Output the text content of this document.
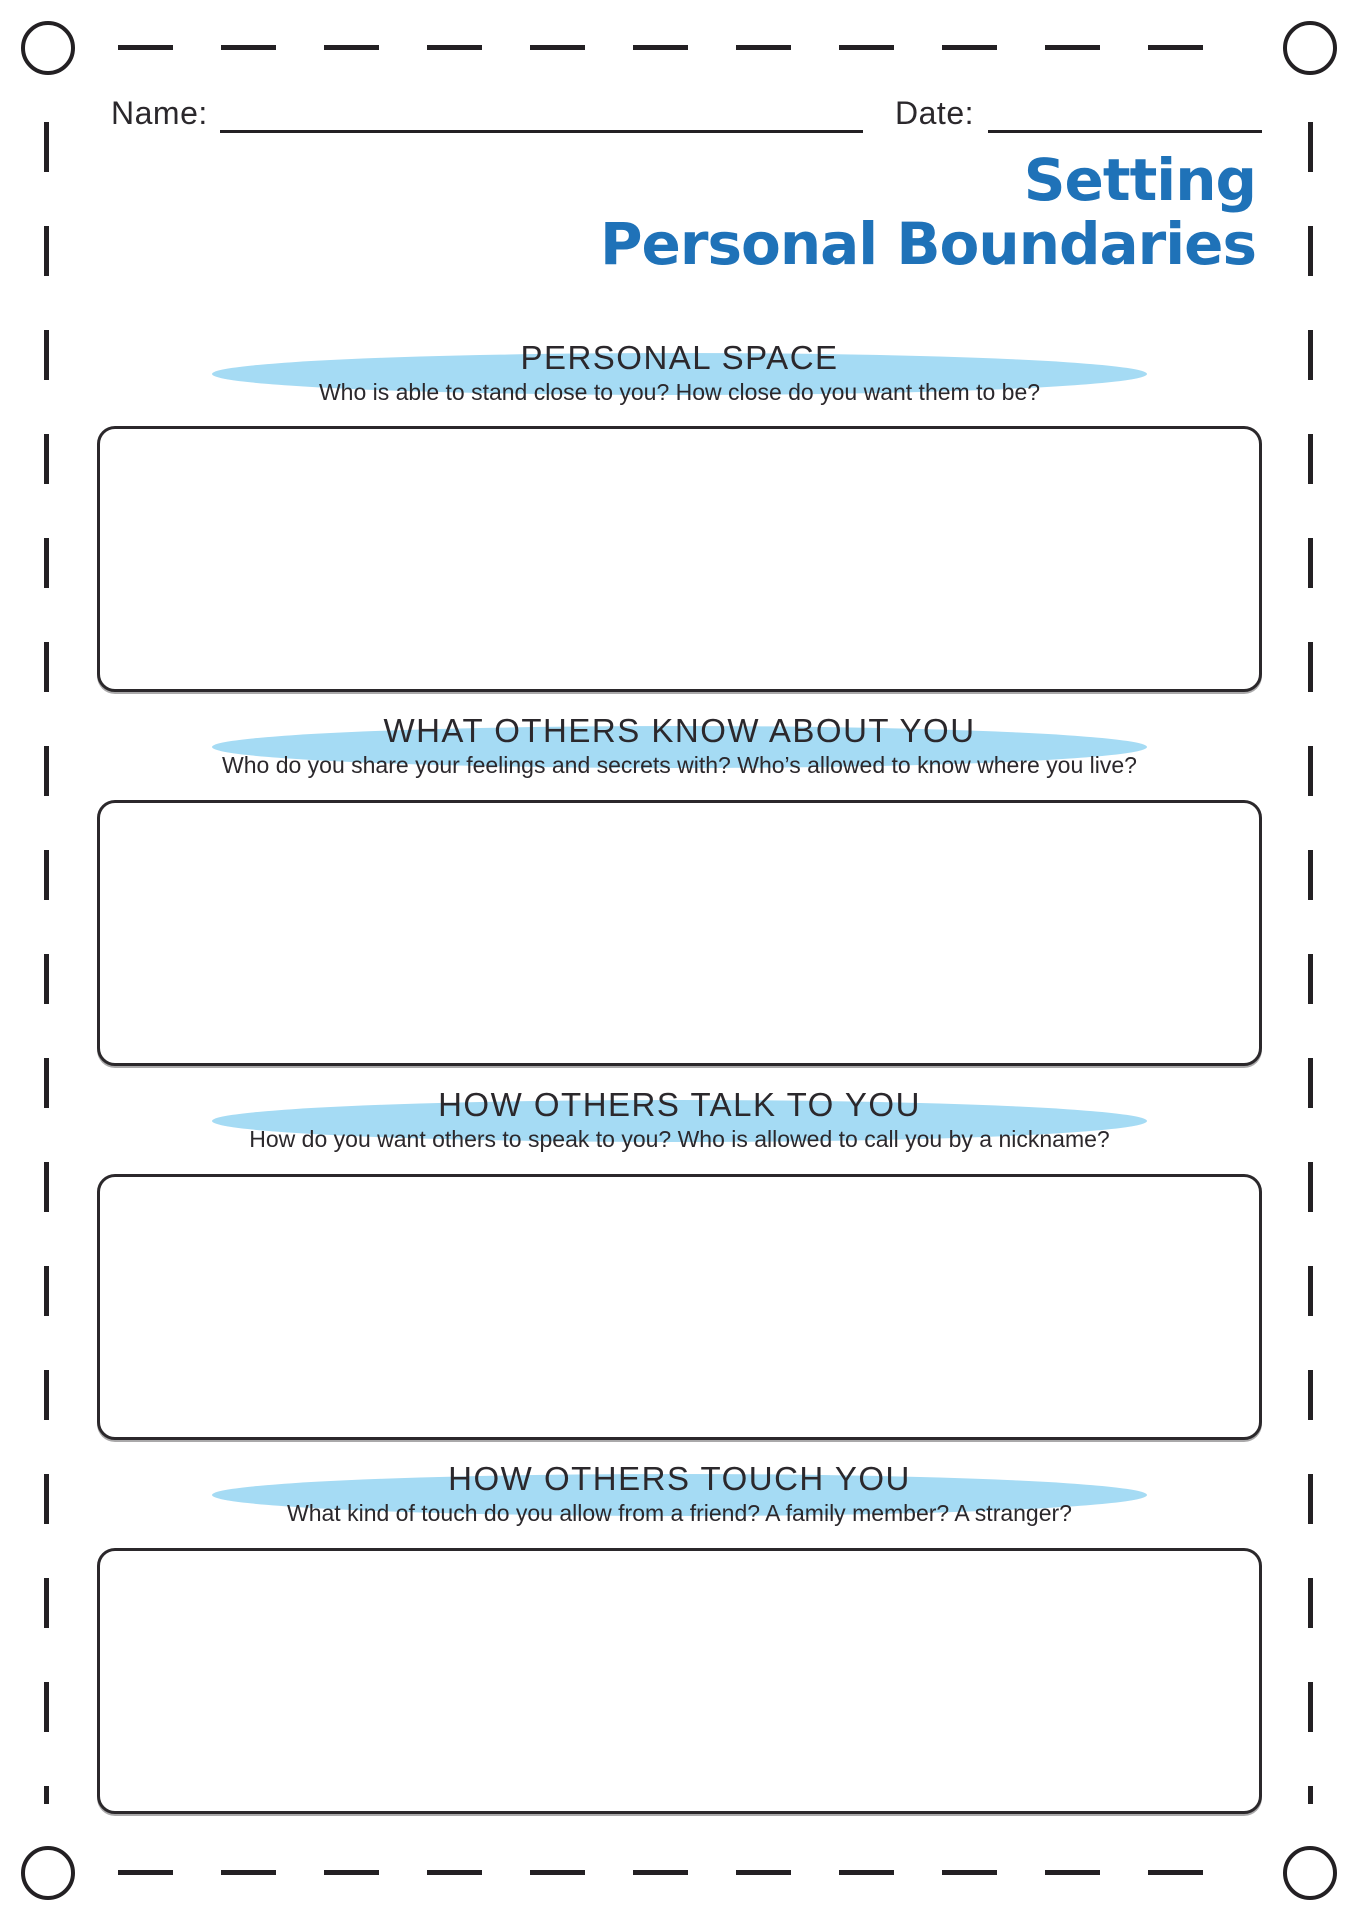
Name:	Date:
Setting
Personal Boundaries
PERSONAL SPACE

Who is able to stand close to you? How close do you want them to be?

WHAT OTHERS KNOW ABOUT YOU

Who do you share your feelings and secrets with? Who’s allowed to know where you live?

HOW OTHERS TALK TO YOU

How do you want others to speak to you? Who is allowed to call you by a nickname?

HOW OTHERS TOUCH YOU

What kind of touch do you allow from a friend? A family member? A stranger?
